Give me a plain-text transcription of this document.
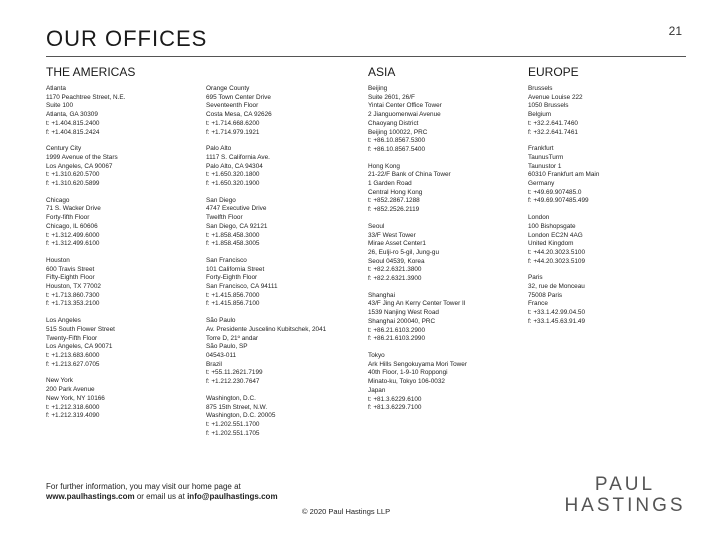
21
OUR OFFICES
THE AMERICAS	ASIA	EUROPE
Atlanta
1170 Peachtree Street, N.E.
Suite 100
Atlanta, GA 30309
t: +1.404.815.2400
f: +1.404.815.2424
Century City
1999 Avenue of the Stars
Los Angeles, CA 90067
t: +1.310.620.5700
f: +1.310.620.5899
Chicago
71 S. Wacker Drive
Forty-fifth Floor
Chicago, IL 60606
t: +1.312.499.6000
f: +1.312.499.6100
Houston
600 Travis Street
Fifty-Eighth Floor
Houston, TX 77002
t: +1.713.860.7300
f: +1.713.353.2100
Los Angeles
515 South Flower Street
Twenty-Fifth Floor
Los Angeles, CA 90071
t: +1.213.683.6000
f: +1.213.627.0705
New York
200 Park Avenue
New York, NY 10166
t: +1.212.318.6000
f: +1.212.319.4090
Orange County
695 Town Center Drive
Seventeenth Floor
Costa Mesa, CA 92626
t: +1.714.668.6200
f: +1.714.979.1921
Palo Alto
1117 S. California Ave.
Palo Alto, CA 94304
t: +1.650.320.1800
f: +1.650.320.1900
San Diego
4747 Executive Drive
Twelfth Floor
San Diego, CA 92121
t: +1.858.458.3000
f: +1.858.458.3005
San Francisco
101 California Street
Forty-Eighth Floor
San Francisco, CA 94111
t: +1.415.856.7000
f: +1.415.856.7100
São Paulo
Av. Presidente Juscelino Kubitschek, 2041
Torre D, 21º andar
São Paulo, SP
04543-011
Brazil
t: +55.11.2621.7199
f: +1.212.230.7647
Washington, D.C.
875 15th Street, N.W.
Washington, D.C. 20005
t: +1.202.551.1700
f: +1.202.551.1705
Beijing
Suite 2601, 26/F
Yintai Center Office Tower
2 Jianguomenwai Avenue
Chaoyang District
Beijing 100022, PRC
t: +86.10.8567.5300
f: +86.10.8567.5400
Hong Kong
21-22/F Bank of China Tower
1 Garden Road
Central Hong Kong
t: +852.2867.1288
f: +852.2526.2119
Seoul
33/F West Tower
Mirae Asset Center1
26, Eulji-ro 5-gil, Jung-gu
Seoul 04539, Korea
t: +82.2.6321.3800
f: +82.2.6321.3900
Shanghai
43/F Jing An Kerry Center Tower II
1539 Nanjing West Road
Shanghai 200040, PRC
t: +86.21.6103.2900
f: +86.21.6103.2990
Tokyo
Ark Hills Sengokuyama Mori Tower
40th Floor, 1-9-10 Roppongi
Minato-ku, Tokyo 106-0032
Japan
t: +81.3.6229.6100
f: +81.3.6229.7100
Brussels
Avenue Louise 222
1050 Brussels
Belgium
t: +32.2.641.7460
f: +32.2.641.7461
Frankfurt
TaunusTurm
Taunustor 1
60310 Frankfurt am Main
Germany
t: +49.69.907485.0
f: +49.69.907485.499
London
100 Bishopsgate
London EC2N 4AG
United Kingdom
t: +44.20.3023.5100
f: +44.20.3023.5109
Paris
32, rue de Monceau
75008 Paris
France
t: +33.1.42.99.04.50
f: +33.1.45.63.91.49
For further information, you may visit our home page at
www.paulhastings.com or email us at info@paulhastings.com
© 2020 Paul Hastings LLP
PAUL
HASTINGS
